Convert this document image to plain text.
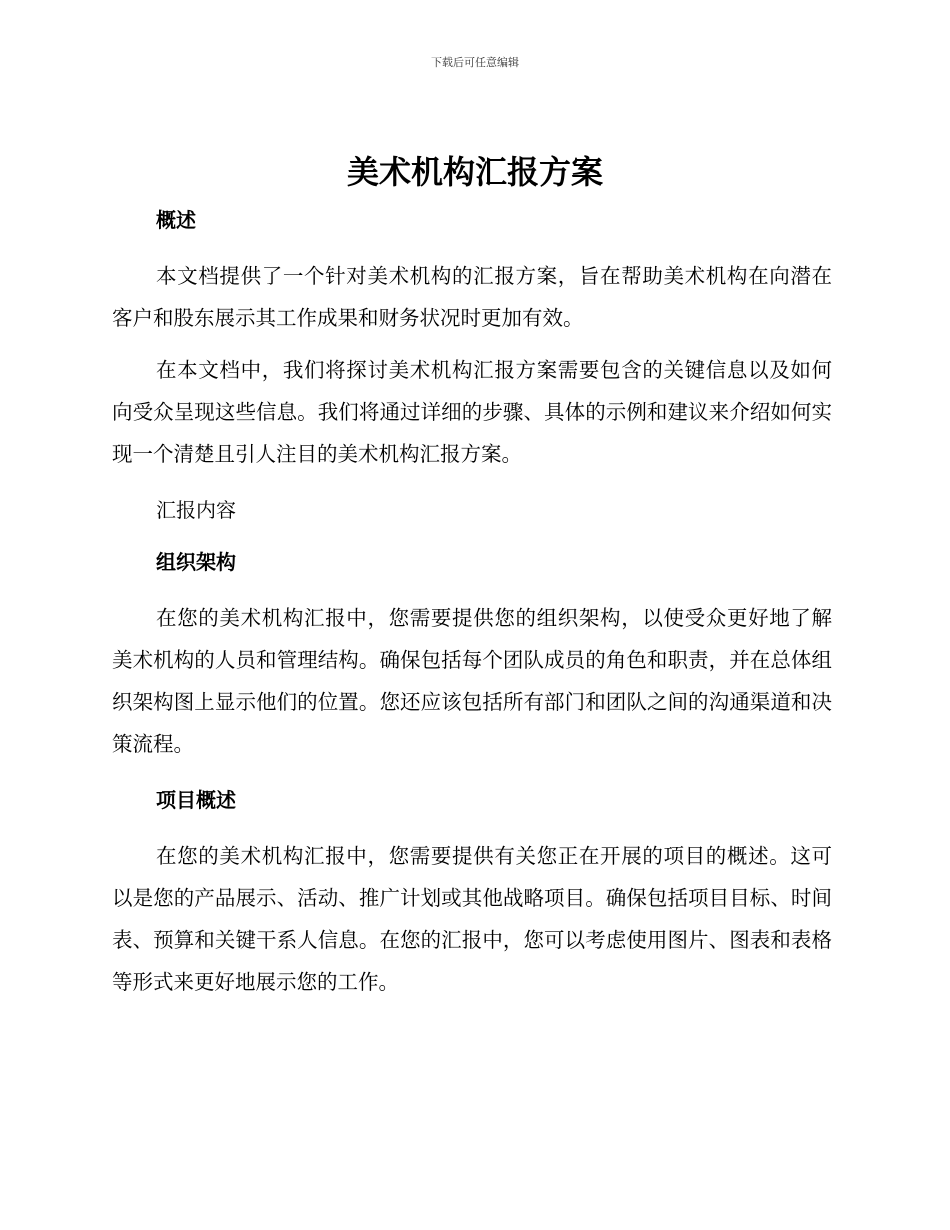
下载后可任意编辑
美术机构汇报方案
概述

本文档提供了一个针对美术机构的汇报方案，旨在帮助美术机构在向潜在客户和股东展示其工作成果和财务状况时更加有效。

在本文档中，我们将探讨美术机构汇报方案需要包含的关键信息以及如何向受众呈现这些信息。我们将通过详细的步骤、具体的示例和建议来介绍如何实现一个清楚且引人注目的美术机构汇报方案。

汇报内容
组织架构

在您的美术机构汇报中，您需要提供您的组织架构，以使受众更好地了解美术机构的人员和管理结构。确保包括每个团队成员的角色和职责，并在总体组织架构图上显示他们的位置。您还应该包括所有部门和团队之间的沟通渠道和决策流程。

项目概述

在您的美术机构汇报中，您需要提供有关您正在开展的项目的概述。这可以是您的产品展示、活动、推广计划或其他战略项目。确保包括项目目标、时间表、预算和关键干系人信息。在您的汇报中，您可以考虑使用图片、图表和表格等形式来更好地展示您的工作。
